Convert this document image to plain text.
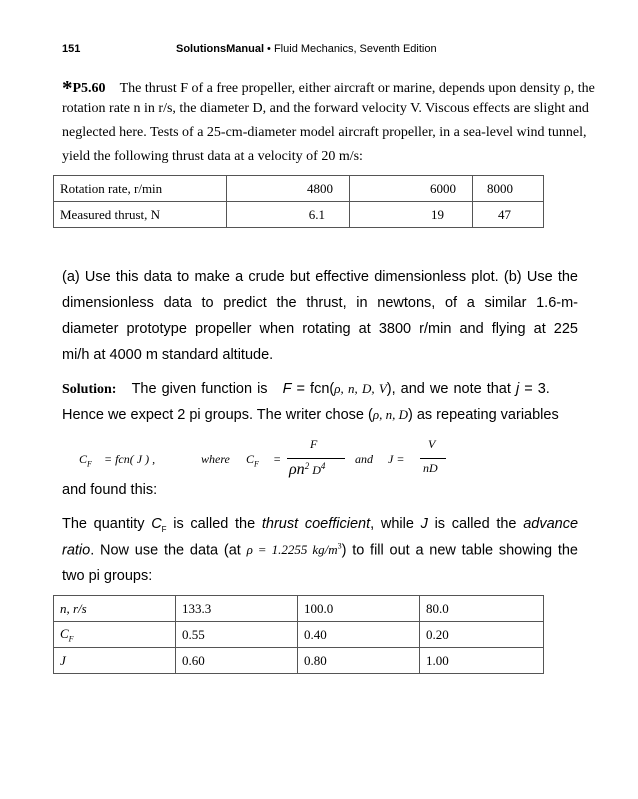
151	SolutionsManual • Fluid Mechanics, Seventh Edition
*P5.60 The thrust F of a free propeller, either aircraft or marine, depends upon density ρ, the
rotation rate n in r/s, the diameter D, and the forward velocity V. Viscous effects are slight and
neglected here. Tests of a 25-cm-diameter model aircraft propeller, in a sea-level wind tunnel,
yield the following thrust data at a velocity of 20 m/s:
Rotation rate, r/min	4800	6000	8000
Measured thrust, N	6.1	19	47
(a) Use this data to make a crude but effective dimensionless plot. (b) Use the
dimensionless data to predict the thrust, in newtons, of a similar 1.6-m-
diameter prototype propeller when rotating at 3800 r/min and flying at 225
mi/h at 4000 m standard altitude.
Solution: The given function is F = fcn(ρ, n, D, V), and we note that j = 3.
Hence we expect 2 pi groups. The writer chose (ρ, n, D) as repeating variables
$C_F = fcn$( J ) ,	where $C_F$ =
F
$\rho n^2$ $D^4$ and J =
V
nD
and found this:
The quantity $C_F$ is called the thrust coefficient, while J is called the advance
ratio. Now use the data (at ρ = 1.2255 $kg/m^3$) to fill out a new table showing the
two pi groups:
n, r/s	133.3	100.0	80.0
$C_F$	0.55	0.40	0.20
J	0.60	0.80	1.00
